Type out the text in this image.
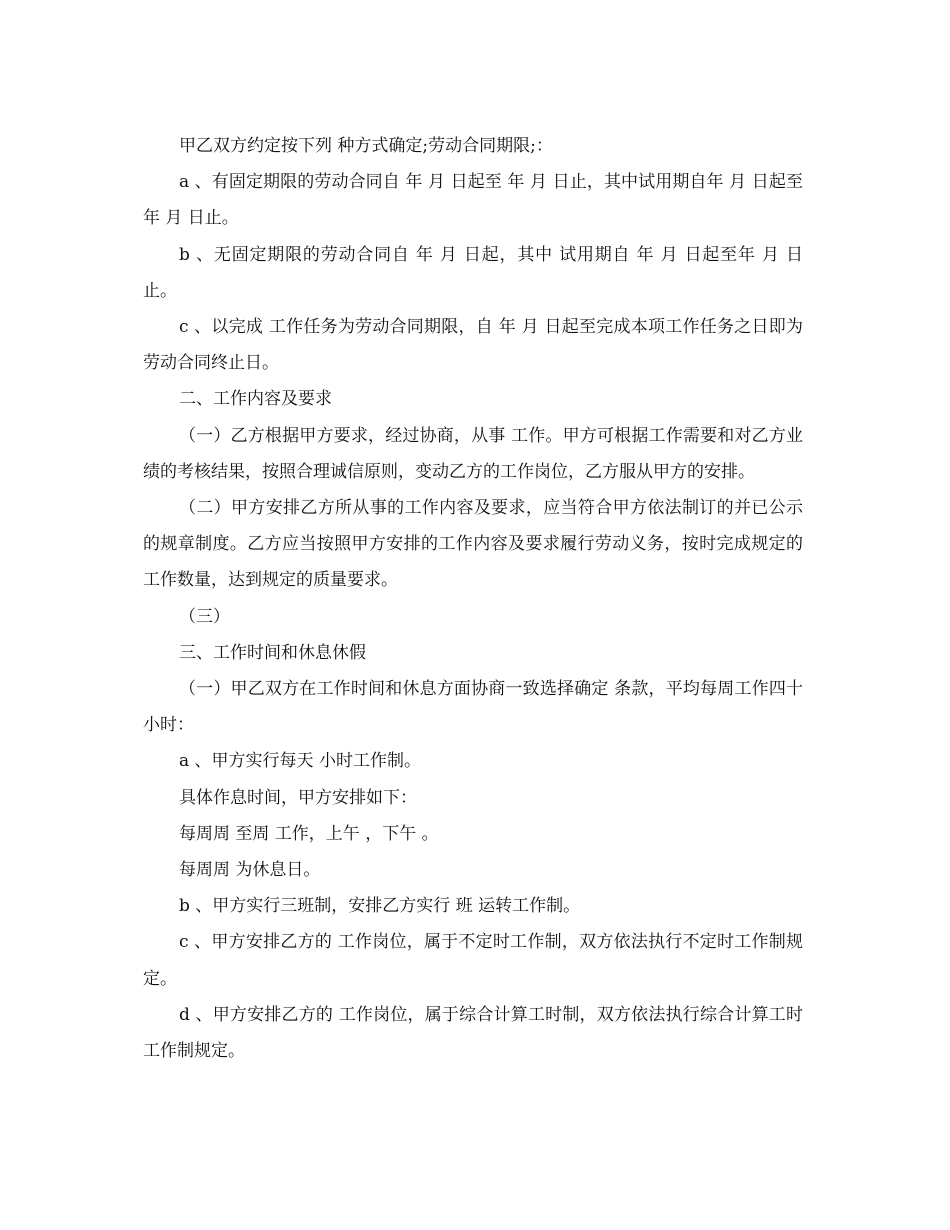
甲乙双方约定按下列 种方式确定;劳动合同期限;：

a 、有固定期限的劳动合同自 年 月 日起至 年 月 日止，其中试用期自年 月 日起至 年 月 日止。

b 、无固定期限的劳动合同自 年 月 日起，其中 试用期自 年 月 日起至年 月 日止。

c 、以完成 工作任务为劳动合同期限，自 年 月 日起至完成本项工作任务之日即为劳动合同终止日。

二、工作内容及要求

（一）乙方根据甲方要求，经过协商，从事 工作。甲方可根据工作需要和对乙方业绩的考核结果，按照合理诚信原则，变动乙方的工作岗位，乙方服从甲方的安排。

（二）甲方安排乙方所从事的工作内容及要求，应当符合甲方依法制订的并已公示的规章制度。乙方应当按照甲方安排的工作内容及要求履行劳动义务，按时完成规定的工作数量，达到规定的质量要求。

（三）

三、工作时间和休息休假

（一）甲乙双方在工作时间和休息方面协商一致选择确定 条款，平均每周工作四十小时：

a 、甲方实行每天 小时工作制。

具体作息时间，甲方安排如下：

每周周 至周 工作，上午 ，下午 。

每周周 为休息日。

b 、甲方实行三班制，安排乙方实行 班 运转工作制。

c 、甲方安排乙方的 工作岗位，属于不定时工作制，双方依法执行不定时工作制规定。

d 、甲方安排乙方的 工作岗位，属于综合计算工时制，双方依法执行综合计算工时工作制规定。
